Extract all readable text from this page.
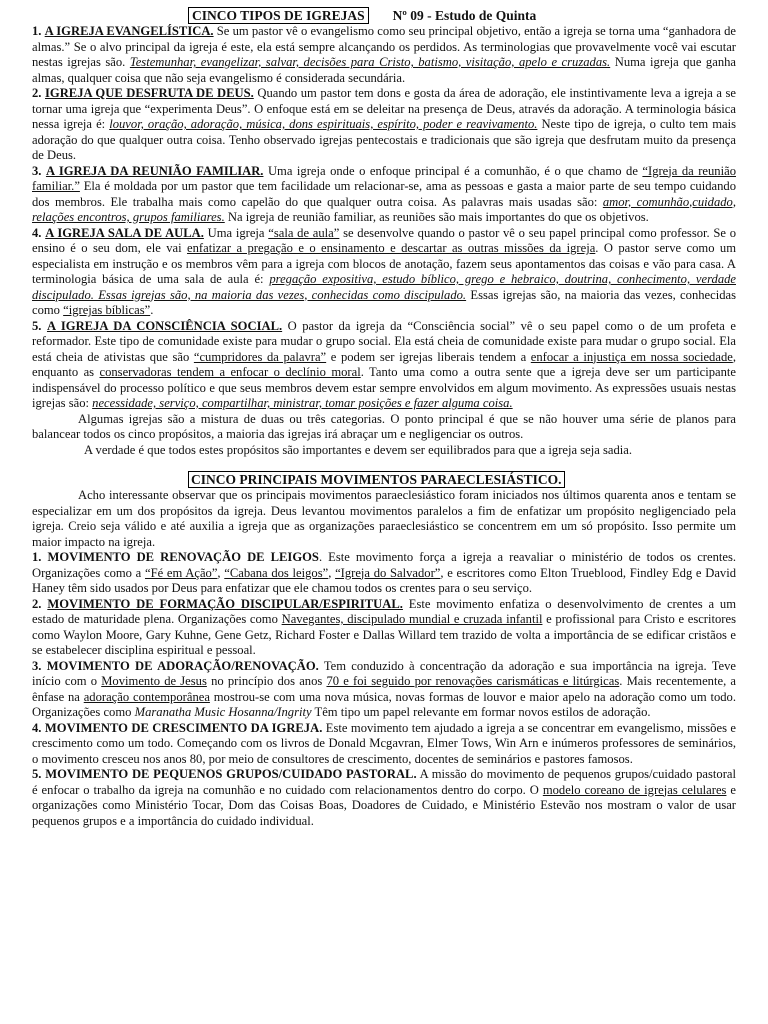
CINCO TIPOS DE IGREJAS Nº 09 - Estudo de Quinta

1. A IGREJA EVANGELÍSTICA. Se um pastor vê o evangelismo como seu principal objetivo, então a igreja se torna uma “ganhadora de almas.” Se o alvo principal da igreja é este, ela está sempre alcançando os perdidos. As terminologias que provavelmente você vai escutar nestas igrejas são. Testemunhar, evangelizar, salvar, decisões para Cristo, batismo, visitação, apelo e cruzadas. Numa igreja que ganha almas, qualquer coisa que não seja evangelismo é considerada secundária.

2. IGREJA QUE DESFRUTA DE DEUS. Quando um pastor tem dons e gosta da área de adoração, ele instintivamente leva a igreja a se tornar uma igreja que “experimenta Deus”. O enfoque está em se deleitar na presença de Deus, através da adoração. A terminologia básica nessa igreja é: louvor, oração, adoração, música, dons espirituais, espírito, poder e reavivamento. Neste tipo de igreja, o culto tem mais adoração do que qualquer outra coisa. Tenho observado igrejas pentecostais e tradicionais que são igreja que desfrutam muito da presença de Deus.

3. A IGREJA DA REUNIÃO FAMILIAR. Uma igreja onde o enfoque principal é a comunhão, é o que chamo de “Igreja da reunião familiar.” Ela é moldada por um pastor que tem facilidade um relacionar-se, ama as pessoas e gasta a maior parte de seu tempo cuidando dos membros. Ele trabalha mais como capelão do que qualquer outra coisa. As palavras mais usadas são: amor, comunhão,cuidado, relações encontros, grupos familiares. Na igreja de reunião familiar, as reuniões são mais importantes do que os objetivos.

4. A IGREJA SALA DE AULA. Uma igreja “sala de aula” se desenvolve quando o pastor vê o seu papel principal como professor. Se o ensino é o seu dom, ele vai enfatizar a pregação e o ensinamento e descartar as outras missões da igreja. O pastor serve como um especialista em instrução e os membros vêm para a igreja com blocos de anotação, fazem seus apontamentos das coisas e vão para casa. A terminologia básica de uma sala de aula é: pregação expositiva, estudo bíblico, grego e hebraico, doutrina, conhecimento, verdade discipulado. Essas igrejas são, na maioria das vezes, conhecidas como discipulado. Essas igrejas são, na maioria das vezes, conhecidas como “igrejas bíblicas”.

5. A IGREJA DA CONSCIÊNCIA SOCIAL. O pastor da igreja da “Consciência social” vê o seu papel como o de um profeta e reformador. Este tipo de comunidade existe para mudar o grupo social. Ela está cheia de comunidade existe para mudar o grupo social. Ela está cheia de ativistas que são “cumpridores da palavra” e podem ser igrejas liberais tendem a enfocar a injustiça em nossa sociedade, enquanto as conservadoras tendem a enfocar o declínio moral. Tanto uma como a outra sente que a igreja deve ser um participante indispensável do processo político e que seus membros devem estar sempre envolvidos em algum movimento. As expressões usuais nestas igrejas são: necessidade, serviço, compartilhar, ministrar, tomar posições e fazer alguma coisa.

Algumas igrejas são a mistura de duas ou três categorias. O ponto principal é que se não houver uma série de planos para balancear todos os cinco propósitos, a maioria das igrejas irá abraçar um e negligenciar os outros.

A verdade é que todos estes propósitos são importantes e devem ser equilibrados para que a igreja seja sadia.

CINCO PRINCIPAIS MOVIMENTOS PARAECLESIÁSTICO.

Acho interessante observar que os principais movimentos paraeclesiástico foram iniciados nos últimos quarenta anos e tentam se especializar em um dos propósitos da igreja. Deus levantou movimentos paralelos a fim de enfatizar um propósito negligenciado pela igreja. Creio seja válido e até auxilia a igreja que as organizações paraeclesiástico se concentrem em um só propósito. Isso permite um maior impacto na igreja.

1. MOVIMENTO DE RENOVAÇÃO DE LEIGOS. Este movimento força a igreja a reavaliar o ministério de todos os crentes. Organizações como a “Fé em Ação”, “Cabana dos leigos”, “Igreja do Salvador”, e escritores como Elton Trueblood, Findley Edg e David Haney têm sido usados por Deus para enfatizar que ele chamou todos os crentes para o seu serviço.

2. MOVIMENTO DE FORMAÇÃO DISCIPULAR/ESPIRITUAL. Este movimento enfatiza o desenvolvimento de crentes a um estado de maturidade plena. Organizações como Navegantes, discipulado mundial e cruzada infantil e profissional para Cristo e escritores como Waylon Moore, Gary Kuhne, Gene Getz, Richard Foster e Dallas Willard tem trazido de volta a importância de se edificar cristãos e se estabelecer disciplina espiritual e pessoal.

3. MOVIMENTO DE ADORAÇÃO/RENOVAÇÃO. Tem conduzido à concentração da adoração e sua importância na igreja. Teve início com o Movimento de Jesus no princípio dos anos 70 e foi seguido por renovações carismáticas e litúrgicas. Mais recentemente, a ênfase na adoração contemporânea mostrou-se com uma nova música, novas formas de louvor e maior apelo na adoração como um todo. Organizações como Maranatha Music Hosanna/Ingrity Têm tipo um papel relevante em formar novos estilos de adoração.

4. MOVIMENTO DE CRESCIMENTO DA IGREJA. Este movimento tem ajudado a igreja a se concentrar em evangelismo, missões e crescimento como um todo. Começando com os livros de Donald Mcgavran, Elmer Tows, Win Arn e inúmeros professores de seminários, o movimento cresceu nos anos 80, por meio de consultores de crescimento, docentes de seminários e pastores famosos.

5. MOVIMENTO DE PEQUENOS GRUPOS/CUIDADO PASTORAL. A missão do movimento de pequenos grupos/cuidado pastoral é enfocar o trabalho da igreja na comunhão e no cuidado com relacionamentos dentro do corpo. O modelo coreano de igrejas celulares e organizações como Ministério Tocar, Dom das Coisas Boas, Doadores de Cuidado, e Ministério Estevão nos mostram o valor de usar pequenos grupos e a importância do cuidado individual.
